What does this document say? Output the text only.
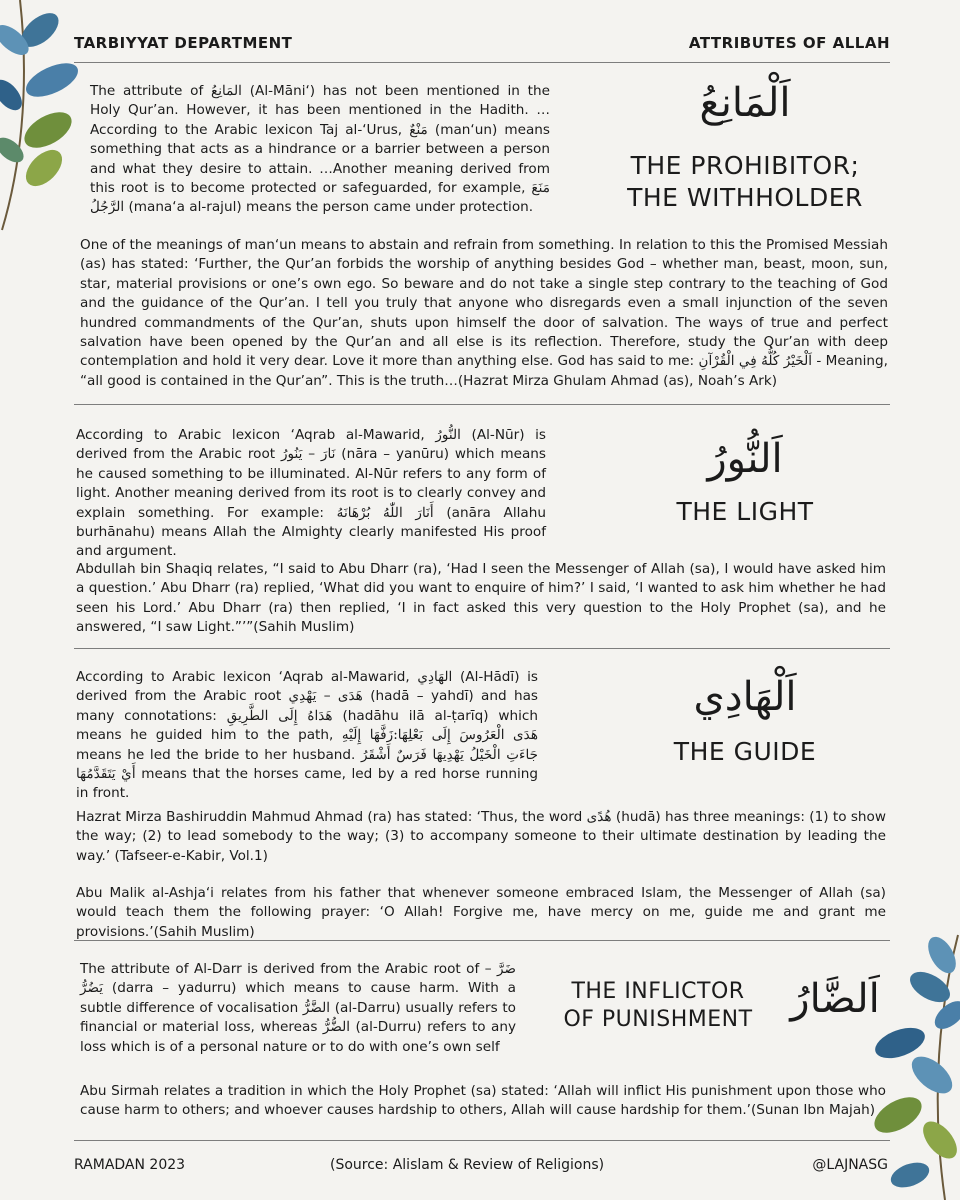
TARBIYYAT DEPARTMENT	ATTRIBUTES OF ALLAH

The attribute of المَانِعُ (Al-Māni‘) has not been mentioned in the Holy Qur’an. However, it has been mentioned in the Hadith. …According to the Arabic lexicon Taj al-‘Urus, مَنْعٌ (man‘un) means something that acts as a hindrance or a barrier between a person and what they desire to attain. …Another meaning derived from this root is to become protected or safeguarded, for example, مَنَعَ الرَّجُلُ (mana‘a al-rajul) means the person came under protection.

اَلْمَانِعُ
THE PROHIBITOR;
THE WITHHOLDER

One of the meanings of man‘un means to abstain and refrain from something. In relation to this the Promised Messiah (as) has stated: ‘Further, the Qur’an forbids the worship of anything besides God – whether man, beast, moon, sun, star, material provisions or one’s own ego. So beware and do not take a single step contrary to the teaching of God and the guidance of the Qur’an. I tell you truly that anyone who disregards even a small injunction of the seven hundred commandments of the Qur’an, shuts upon himself the door of salvation. The ways of true and perfect salvation have been opened by the Qur’an and all else is its reflection. Therefore, study the Qur’an with deep contemplation and hold it very dear. Love it more than anything else. God has said to me: اَلْخَيْرُ كُلُّهُ فِي الْقُرْآنِ - Meaning, “all good is contained in the Qur’an”. This is the truth…(Hazrat Mirza Ghulam Ahmad (as), Noah’s Ark)

According to Arabic lexicon ‘Aqrab al-Mawarid, النُّورُ (Al-Nūr) is derived from the Arabic root نَارَ – يَنُورُ (nāra – yanūru) which means he caused something to be illuminated. Al-Nūr refers to any form of light. Another meaning derived from its root is to clearly convey and explain something. For example: أَنَارَ اللّٰهُ بُرْهَانَهُ (anāra Allahu burhānahu) means Allah the Almighty clearly manifested His proof and argument.

اَلنُّورُ
THE LIGHT

Abdullah bin Shaqiq relates, “I said to Abu Dharr (ra), ‘Had I seen the Messenger of Allah (sa), I would have asked him a question.’ Abu Dharr (ra) replied, ‘What did you want to enquire of him?’ I said, ‘I wanted to ask him whether he had seen his Lord.’ Abu Dharr (ra) then replied, ‘I in fact asked this very question to the Holy Prophet (sa), and he answered, “I saw Light.”’”(Sahih Muslim)

According to Arabic lexicon ‘Aqrab al-Mawarid, الهَادِي (Al-Hādī) is derived from the Arabic root هَدَى – يَهْدِي (hadā – yahdī) and has many connotations: هَدَاهُ إِلَى الطَّرِيقِ (hadāhu ilā al-ṭarīq) which means he guided him to the path, هَدَى الْعَرُوسَ إِلَى بَعْلِهَا:زَفَّهَا إِلَيْهِ means he led the bride to her husband. جَاءَتِ الْخَيْلُ يَهْدِيهَا فَرَسٌ أَشْقَرُ أَيْ يَتَقَدَّمُهَا means that the horses came, led by a red horse running in front.

اَلْهَادِي
THE GUIDE

Hazrat Mirza Bashiruddin Mahmud Ahmad (ra) has stated: ‘Thus, the word هُدًى (hudā) has three meanings: (1) to show the way; (2) to lead somebody to the way; (3) to accompany someone to their ultimate destination by leading the way.’ (Tafseer-e-Kabir, Vol.1)

Abu Malik al-Ashja‘i relates from his father that whenever someone embraced Islam, the Messenger of Allah (sa) would teach them the following prayer: ‘O Allah! Forgive me, have mercy on me, guide me and grant me provisions.’(Sahih Muslim)

The attribute of Al-Darr is derived from the Arabic root of ضَرَّ – يَضُرُّ (darra – yadurru) which means to cause harm. With a subtle difference of vocalisation الضَّرُّ (al-Darru) usually refers to financial or material loss, whereas الضُّرُّ (al-Durru) refers to any loss which is of a personal nature or to do with one’s own self

THE INFLICTOR
OF PUNISHMENT اَلضَّارُ

Abu Sirmah relates a tradition in which the Holy Prophet (sa) stated: ‘Allah will inflict His punishment upon those who cause harm to others; and whoever causes hardship to others, Allah will cause hardship for them.’(Sunan Ibn Majah)

RAMADAN 2023	(Source: Alislam & Review of Religions)	@LAJNASG
